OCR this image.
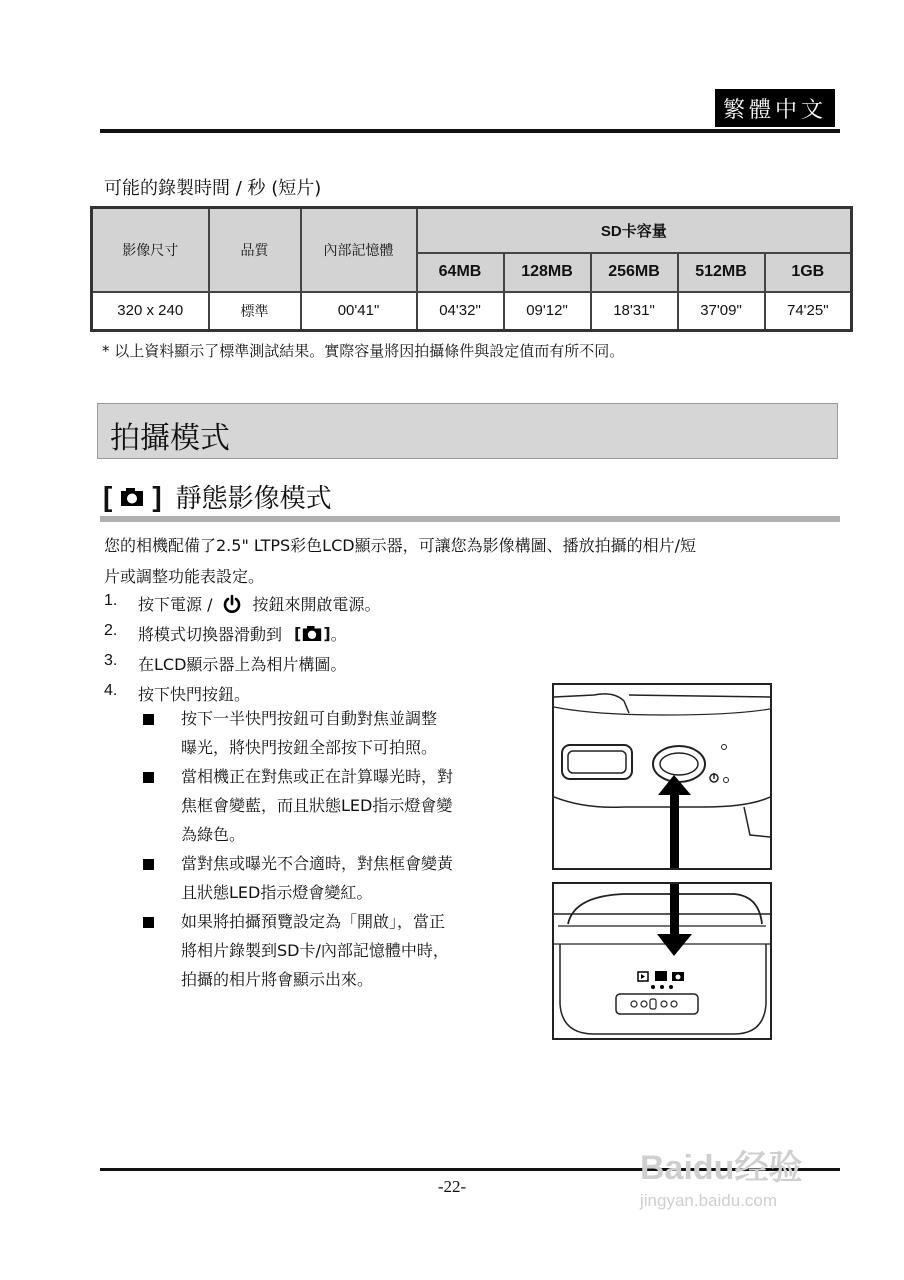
繁體中文
可能的錄製時間 / 秒 (短片)
影像尺寸	品質	內部記憶體	SD卡容量				
			64MB	128MB	256MB	512MB	1GB
320 x 240	標準	00'41"	04'32"	09'12"	18'31"	37'09"	74'25"
* 以上資料顯示了標準測試結果。實際容量將因拍攝條件與設定值而有所不同。
拍攝模式
[ ] 靜態影像模式
您的相機配備了2.5" LTPS彩色LCD顯示器，可讓您為影像構圖、播放拍攝的相片/短
片或調整功能表設定。
1. 按下電源 /	按鈕來開啟電源。
2. 將模式切換器滑動到 [ ] 。
3. 在LCD顯示器上為相片構圖。
4. 按下快門按鈕。
按下一半快門按鈕可自動對焦並調整
曝光，將快門按鈕全部按下可拍照。
當相機正在對焦或正在計算曝光時，對
焦框會變藍，而且狀態LED指示燈會變
為綠色。
當對焦或曝光不合適時，對焦框會變黃
且狀態LED指示燈會變紅。
如果將拍攝預覽設定為「開啟」，當正
將相片錄製到SD卡/內部記憶體中時，
拍攝的相片將會顯示出來。
-22-	Baidu经验
jingyan.baidu.com
